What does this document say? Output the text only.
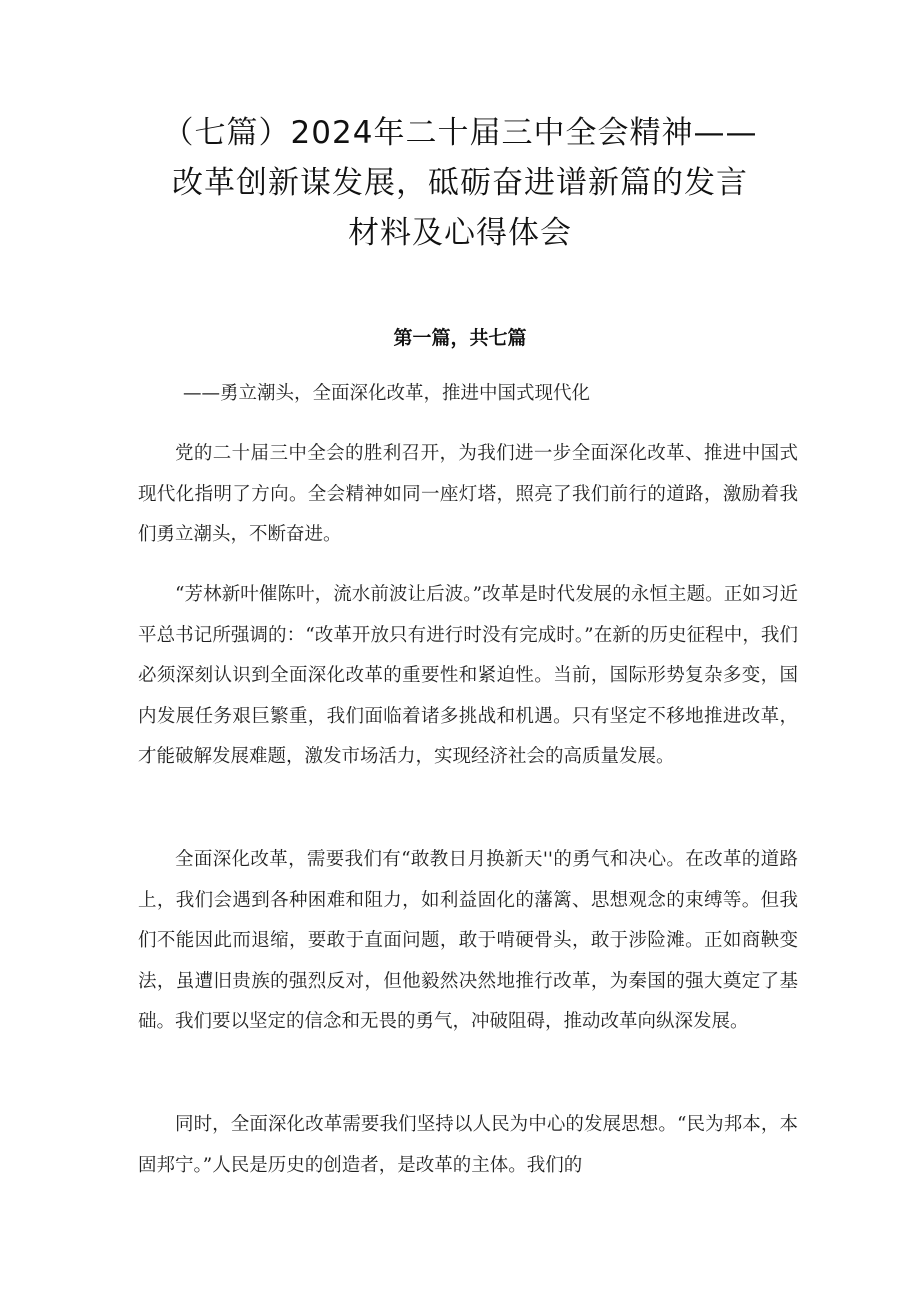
（七篇）2024年二十届三中全会精神——
改革创新谋发展，砥砺奋进谱新篇的发言
材料及心得体会
第一篇，共七篇
——勇立潮头，全面深化改革，推进中国式现代化

党的二十届三中全会的胜利召开，为我们进一步全面深化改革、推进中国式现代化指明了方向。全会精神如同一座灯塔，照亮了我们前行的道路，激励着我们勇立潮头，不断奋进。

“芳林新叶催陈叶，流水前波让后波。”改革是时代发展的永恒主题。正如习近平总书记所强调的：“改革开放只有进行时没有完成时。”在新的历史征程中，我们必须深刻认识到全面深化改革的重要性和紧迫性。当前，国际形势复杂多变，国内发展任务艰巨繁重，我们面临着诸多挑战和机遇。只有坚定不移地推进改革，才能破解发展难题，激发市场活力，实现经济社会的高质量发展。

全面深化改革，需要我们有“敢教日月换新天''的勇气和决心。在改革的道路上，我们会遇到各种困难和阻力，如利益固化的藩篱、思想观念的束缚等。但我们不能因此而退缩，要敢于直面问题，敢于啃硬骨头，敢于涉险滩。正如商鞅变法，虽遭旧贵族的强烈反对，但他毅然决然地推行改革，为秦国的强大奠定了基础。我们要以坚定的信念和无畏的勇气，冲破阻碍，推动改革向纵深发展。

同时，全面深化改革需要我们坚持以人民为中心的发展思想。“民为邦本，本固邦宁。”人民是历史的创造者，是改革的主体。我们的
